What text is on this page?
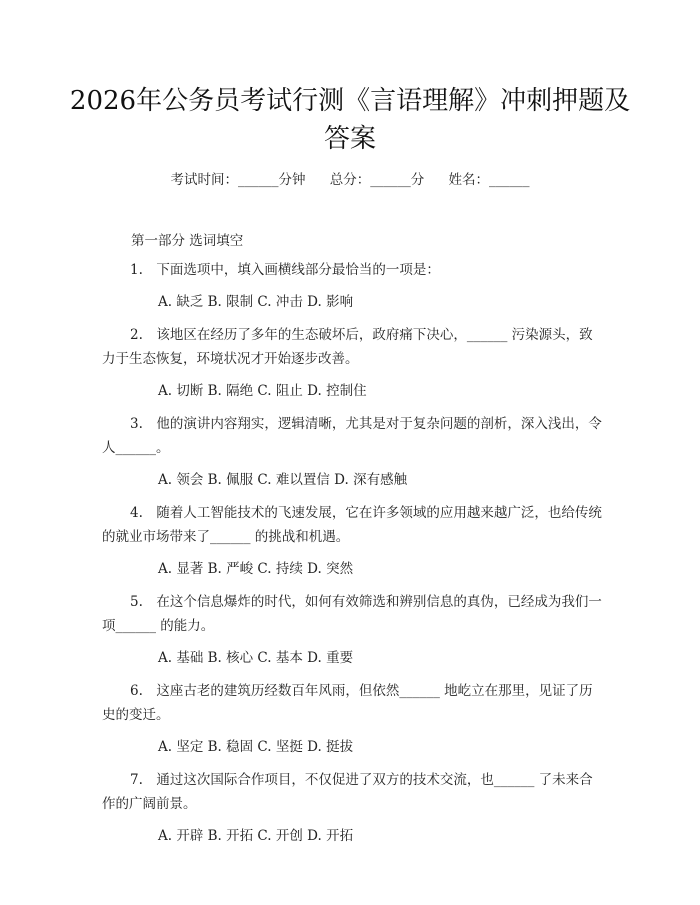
2026年公务员考试行测《言语理解》冲刺押题及答案
考试时间：______分钟 总分：______分 姓名：______
第一部分 选词填空

1.　下面选项中，填入画横线部分最恰当的一项是：

A. 缺乏 B. 限制 C. 冲击 D. 影响

2.　该地区在经历了多年的生态破坏后，政府痛下决心，______ 污染源头，致力于生态恢复，环境状况才开始逐步改善。

A. 切断 B. 隔绝 C. 阻止 D. 控制住

3.　他的演讲内容翔实，逻辑清晰，尤其是对于复杂问题的剖析，深入浅出，令人______。

A. 领会 B. 佩服 C. 难以置信 D. 深有感触

4.　随着人工智能技术的飞速发展，它在许多领域的应用越来越广泛，也给传统的就业市场带来了______ 的挑战和机遇。

A. 显著 B. 严峻 C. 持续 D. 突然

5.　在这个信息爆炸的时代，如何有效筛选和辨别信息的真伪，已经成为我们一项______ 的能力。

A. 基础 B. 核心 C. 基本 D. 重要

6.　这座古老的建筑历经数百年风雨，但依然______ 地屹立在那里，见证了历史的变迁。

A. 坚定 B. 稳固 C. 坚挺 D. 挺拔

7.　通过这次国际合作项目，不仅促进了双方的技术交流，也______ 了未来合作的广阔前景。

A. 开辟 B. 开拓 C. 开创 D. 开拓
